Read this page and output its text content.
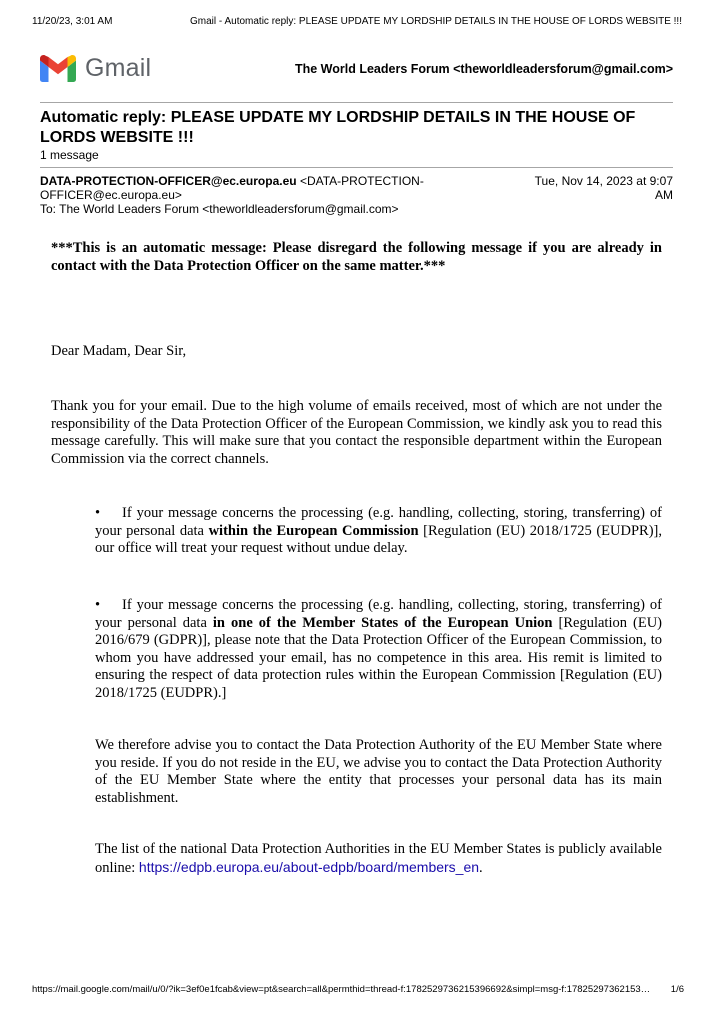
11/20/23, 3:01 AM	Gmail - Automatic reply: PLEASE UPDATE MY LORDSHIP DETAILS IN THE HOUSE OF LORDS WEBSITE !!!
Gmail	The World Leaders Forum <theworldleadersforum@gmail.com>
Automatic reply: PLEASE UPDATE MY LORDSHIP DETAILS IN THE HOUSE OF LORDS WEBSITE !!!
1 message
DATA-PROTECTION-OFFICER@ec.europa.eu <DATA-PROTECTION-OFFICER@ec.europa.eu>
Tue, Nov 14, 2023 at 9:07 AM
To: The World Leaders Forum <theworldleadersforum@gmail.com>
***This is an automatic message: Please disregard the following message if you are already in contact with the Data Protection Officer on the same matter.***
Dear Madam, Dear Sir,
Thank you for your email. Due to the high volume of emails received, most of which are not under the responsibility of the Data Protection Officer of the European Commission, we kindly ask you to read this message carefully. This will make sure that you contact the responsible department within the European Commission via the correct channels.
• If your message concerns the processing (e.g. handling, collecting, storing, transferring) of your personal data within the European Commission [Regulation (EU) 2018/1725 (EUDPR)], our office will treat your request without undue delay.
• If your message concerns the processing (e.g. handling, collecting, storing, transferring) of your personal data in one of the Member States of the European Union [Regulation (EU) 2016/679 (GDPR)], please note that the Data Protection Officer of the European Commission, to whom you have addressed your email, has no competence in this area. His remit is limited to ensuring the respect of data protection rules within the European Commission [Regulation (EU) 2018/1725 (EUDPR).]
We therefore advise you to contact the Data Protection Authority of the EU Member State where you reside. If you do not reside in the EU, we advise you to contact the Data Protection Authority of the EU Member State where the entity that processes your personal data has its main establishment.
The list of the national Data Protection Authorities in the EU Member States is publicly available online: https://edpb.europa.eu/about-edpb/board/members_en.
https://mail.google.com/mail/u/0/?ik=3ef0e1fcab&view=pt&search=all&permthid=thread-f:1782529736215396692&simpl=msg-f:17825297362153… 1/6
